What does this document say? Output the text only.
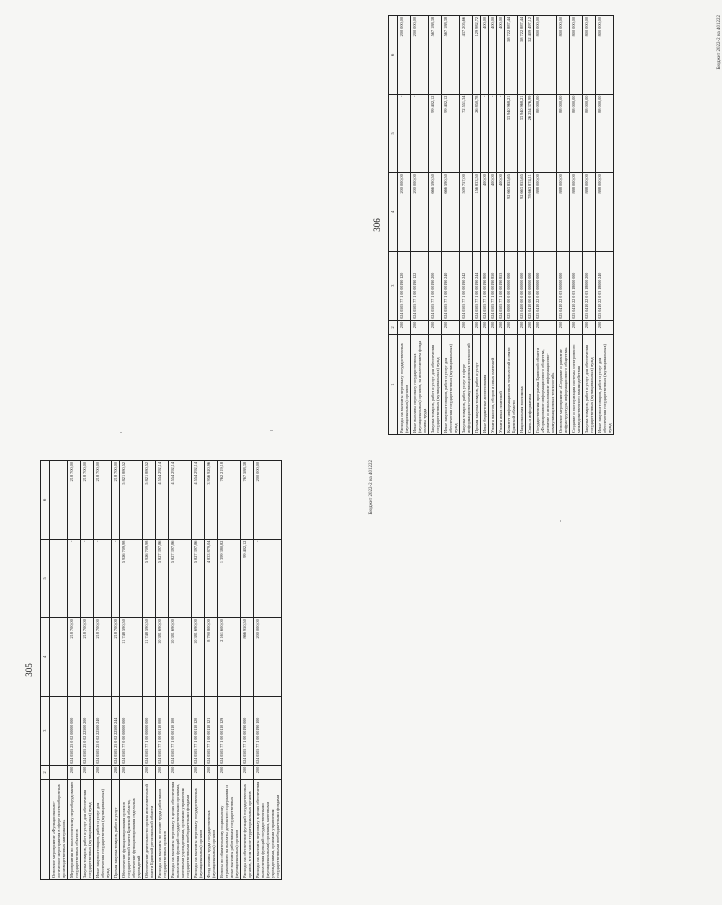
305
	2	3	4	5	6
Основное мероприятие «Функционально-логическое мероприятия в сфере посевооборотных производственных материалов»					
Мероприятия по экологическому переоборудованию государственных объектов	200	024 0505 25 0 02 00000 000	218 700,00	-	218 700,00
Закупка товаров, работ и услуг для обеспечения государственных (муниципальных) нужд	200	024 0505 25 0 02 22500 200	218 700,00	-	218 700,00
Иные закупки товаров, работ и услуг для обеспечения государственных (муниципальных) нужд	200	024 0505 25 0 02 22500 240	218 700,00	-	218 700,00
Прочая закупка товаров, работ и услуг	200	024 0505 25 0 02 22500 244	218 700,00	-	218 700,00
Обеспечение функционирования органов государственной власти Брянской области, обеспечение функционирования отдельных учреждений	200	024 0505 77 0 00 00000 000	11 748 590,50	5 926 709,98	5 821 880,52
Обеспечение деятельности органа исполнительной власти Брянской региональной области	200	024 0505 77 1 00 00000 000	11 748 590,50	5 926 709,98	5 821 880,52
Расходы на выплаты по оплате труда работников государственных органов	200	024 0505 77 1 00 00110 000	10 381 690,00	5 827 397,86	4 554 292,14
Расходы на выплаты персоналу в целях обеспечения выполнения функций государственными органами, казенными учреждениями, органами управления государственными внебюджетными фондами	200	024 0505 77 1 00 00110 100	10 381 690,00	5 827 397,86	4 554 292,14
Расходы на выплаты персоналу государственных (муниципальных) органов	200	024 0505 77 1 00 00110 120	10 381 690,00	5 827 397,86	4 554 292,14
Фонд оплаты труда государственных (муниципальных) органов	200	024 0505 77 1 00 00110 121	8 790 800,00	4 833 879,04	3 956 920,96
Взносы по обязательному социальному страхованию на выплаты денежного содержания и иные выплаты работникам государственных (муниципальных) органов	200	024 0505 77 1 00 00110 129	2 161 600,00	1 399 380,82	762 219,18
Расходы на обеспечение функций государственных органов, в том числе территориальных органов	200	024 0505 77 1 00 00190 000	866 950,50	99 402,12	767 588,38
Расходы на выплаты персоналу в целях обеспечения выполнения функций государственными (муниципальными) органами, казенными учреждениями, органами управления государственными внебюджетными фондами	200	024 0505 77 1 00 00190 100	200 000,00	-	200 000,00	Бюджет 2022-2 на 401222
306
1	2	3	4	5	6
Расходы на выплаты персоналу государственных (муниципальных) органов	200	024 0505 77 1 00 00190 120	200 000,00	-	200 000,00
Иные выплаты персоналу государственных (муниципальных) органов, за исключением фонда оплаты труда	200	024 0505 77 1 00 00190 122	200 000,00	-	200 000,00
Закупка товаров, работ и услуг для обеспечения государственных (муниципальных) нужд	200	024 0505 77 1 00 00190 200	666 590,50	99 402,12	567 188,38
Иные закупки товаров, работ и услуг для обеспечения государственных (муниципальных) нужд	200	024 0505 77 1 00 00190 240	666 590,50	99 402,12	567 188,38
Закупка товаров, работ, услуг в сфере информационно-коммуникационных технологий	200	024 0505 77 1 00 00190 242	509 757,00	72 551,34	437 205,66
Прочая закупка товаров, работ и услуг	200	024 0505 77 1 00 00190 244	156 833,50	26 850,78	129 982,72
Иные бюджетные ассигнования	200	024 0505 77 1 00 00190 800	400,00	-	400,00
Уплата налогов, сборов и иных платежей	200	024 0505 77 1 00 00190 850	400,00	-	400,00
Уплата иных платежей	200	024 0505 77 1 00 00190 853	400,00	-	400,00
Комитет информационных технологий и связи Брянской области	200	025 0000 00 0 00 00000 000	92 663 855,65	33 940 968,21	58 722 887,44
Национальная экономика	200	025 0400 00 0 00 00000 000	92 663 855,65	33 940 968,21	58 722 887,44
Связь и информатика	200	025 0410 00 0 00 00000 000	78 663 874,11	26 254 376,99	52 409 497,12
Государственная программа Брянской области «Формирование информационного общества, развитие и использование информационно-коммуникационных технологий»	200	025 0410 22 0 00 00000 000	888 000,00	88 000,00	800 000,00
Основное мероприятие «Создание и развитие инфраструктуры информационного общества»	200	025 0410 22 0 03 00000 000	888 000,00	88 000,00	800 000,00
Создание и эксплуатация системы электронного межведомственного взаимодействия	200	025 0410 22 0 03 18000 000	888 000,00	88 000,00	800 000,00
Закупка товаров, работ и услуг для обеспечения государственных (муниципальных) нужд	200	025 0410 22 0 03 18000 200	888 000,00	88 000,00	800 000,00
Иные закупки товаров, работ и услуг для обеспечения государственных (муниципальных) нужд	200	025 0410 22 0 03 18000 240	888 000,00	88 000,00	800 000,00	Бюджет 2022-2 на 401222
